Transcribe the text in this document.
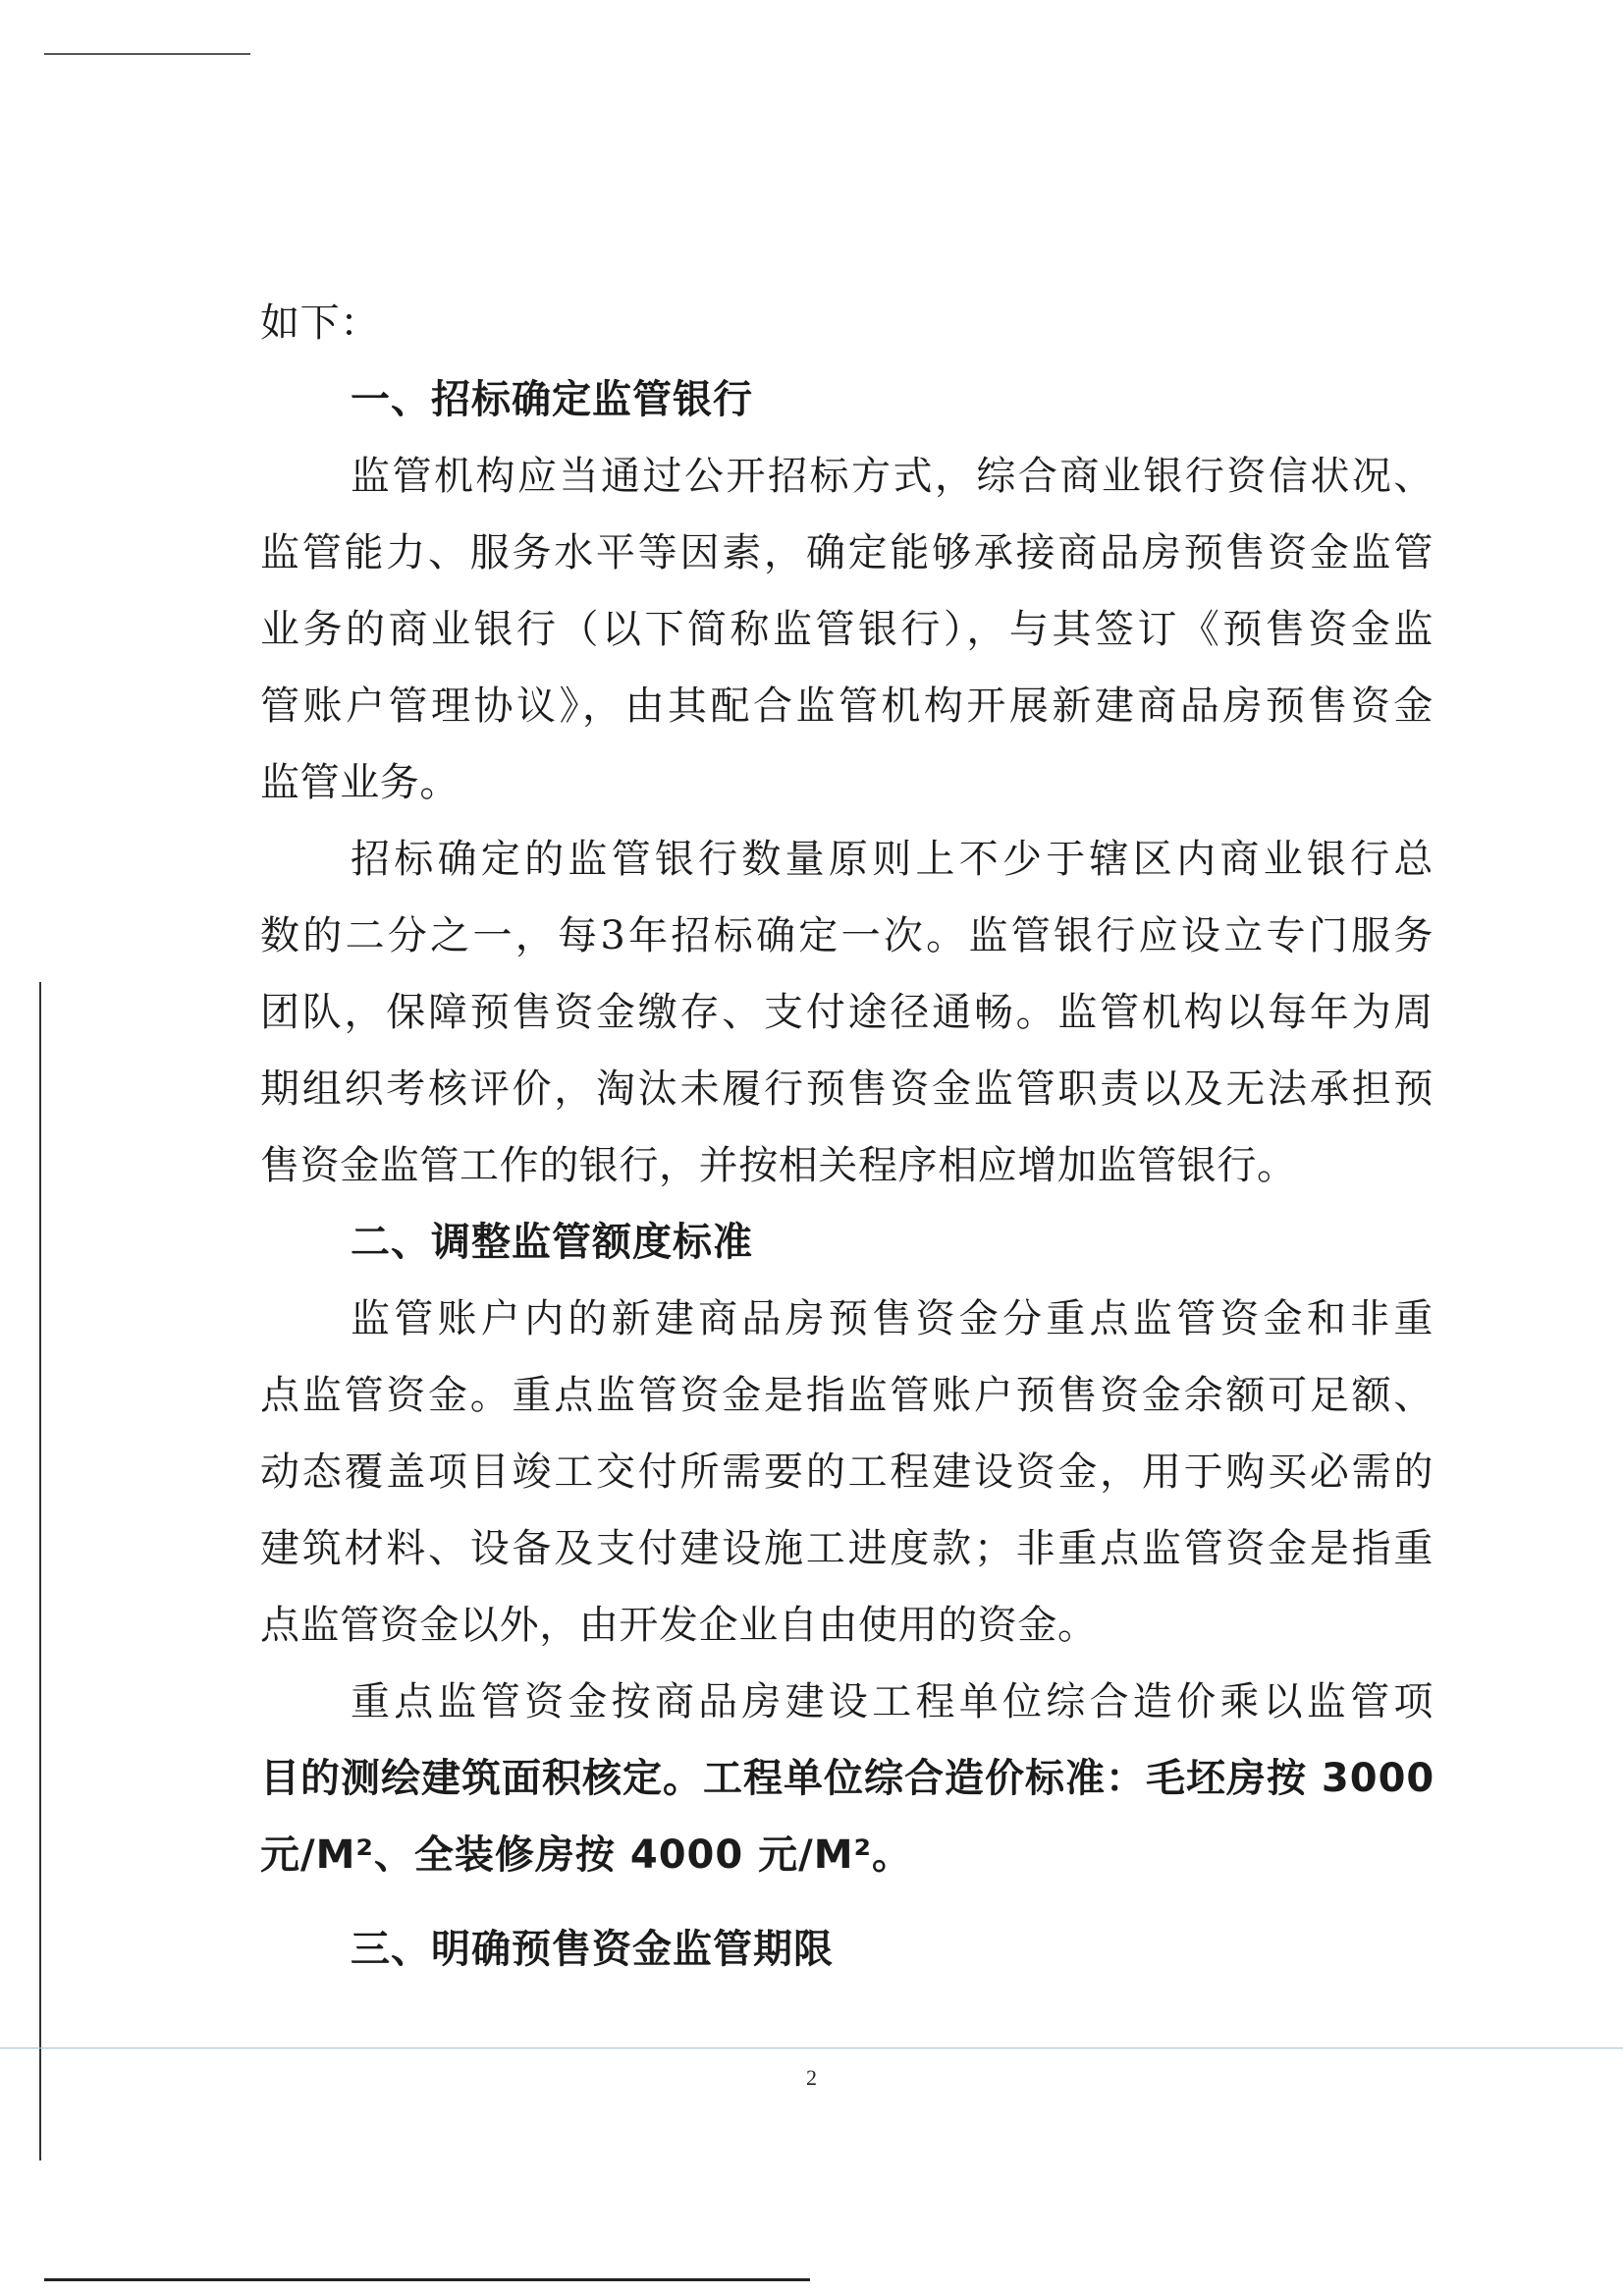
如下：
一、招标确定监管银行
监管机构应当通过公开招标方式，综合商业银行资信状况、
监管能力、服务水平等因素，确定能够承接商品房预售资金监管
业务的商业银行（以下简称监管银行），与其签订《预售资金监
管账户管理协议》，由其配合监管机构开展新建商品房预售资金
监管业务。
招标确定的监管银行数量原则上不少于辖区内商业银行总
数的二分之一，每3年招标确定一次。监管银行应设立专门服务
团队，保障预售资金缴存、支付途径通畅。监管机构以每年为周
期组织考核评价，淘汰未履行预售资金监管职责以及无法承担预
售资金监管工作的银行，并按相关程序相应增加监管银行。
二、调整监管额度标准
监管账户内的新建商品房预售资金分重点监管资金和非重
点监管资金。重点监管资金是指监管账户预售资金余额可足额、
动态覆盖项目竣工交付所需要的工程建设资金，用于购买必需的
建筑材料、设备及支付建设施工进度款；非重点监管资金是指重
点监管资金以外，由开发企业自由使用的资金。
重点监管资金按商品房建设工程单位综合造价乘以监管项
目的测绘建筑面积核定。工程单位综合造价标准：毛坯房按 3000
元/M²、全装修房按 4000 元/M²。
三、明确预售资金监管期限
2
